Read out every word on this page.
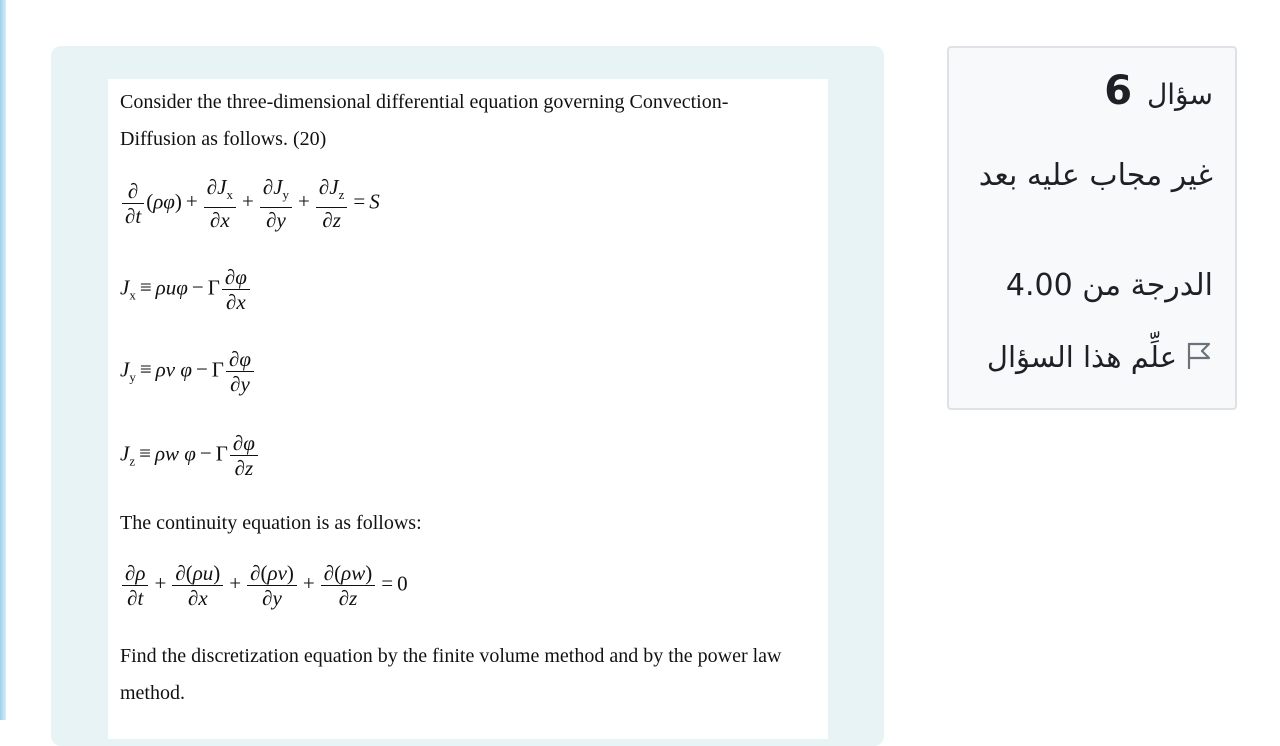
Consider the three-dimensional differential equation governing Convection-Diffusion as follows. (20)
$\frac{\partial}{\partial t} (\rho\varphi) + \frac{\partial J_x}{\partial x} + \frac{\partial J_y}{\partial y} + \frac{\partial J_z}{\partial z} = S$
$J_x \equiv \rho u\varphi - \Gamma \frac{\partial\varphi}{\partial x}$
$J_y \equiv \rho v$ φ − Γ $\frac{\partial\varphi}{\partial y}$
$J_z \equiv \rho w$ φ − Γ $\frac{\partial\varphi}{\partial z}$
The continuity equation is as follows:
$\frac{\partial\rho}{\partial t} + \frac{\partial(\rho u)}{\partial x} + \frac{\partial(\rho v)}{\partial y} + \frac{\partial(\rho w)}{\partial z} = 0$
Find the discretization equation by the finite volume method and by the power law method.
سؤال 6
غير مجاب عليه بعد
الدرجة من 4.00
علِّم هذا السؤال
